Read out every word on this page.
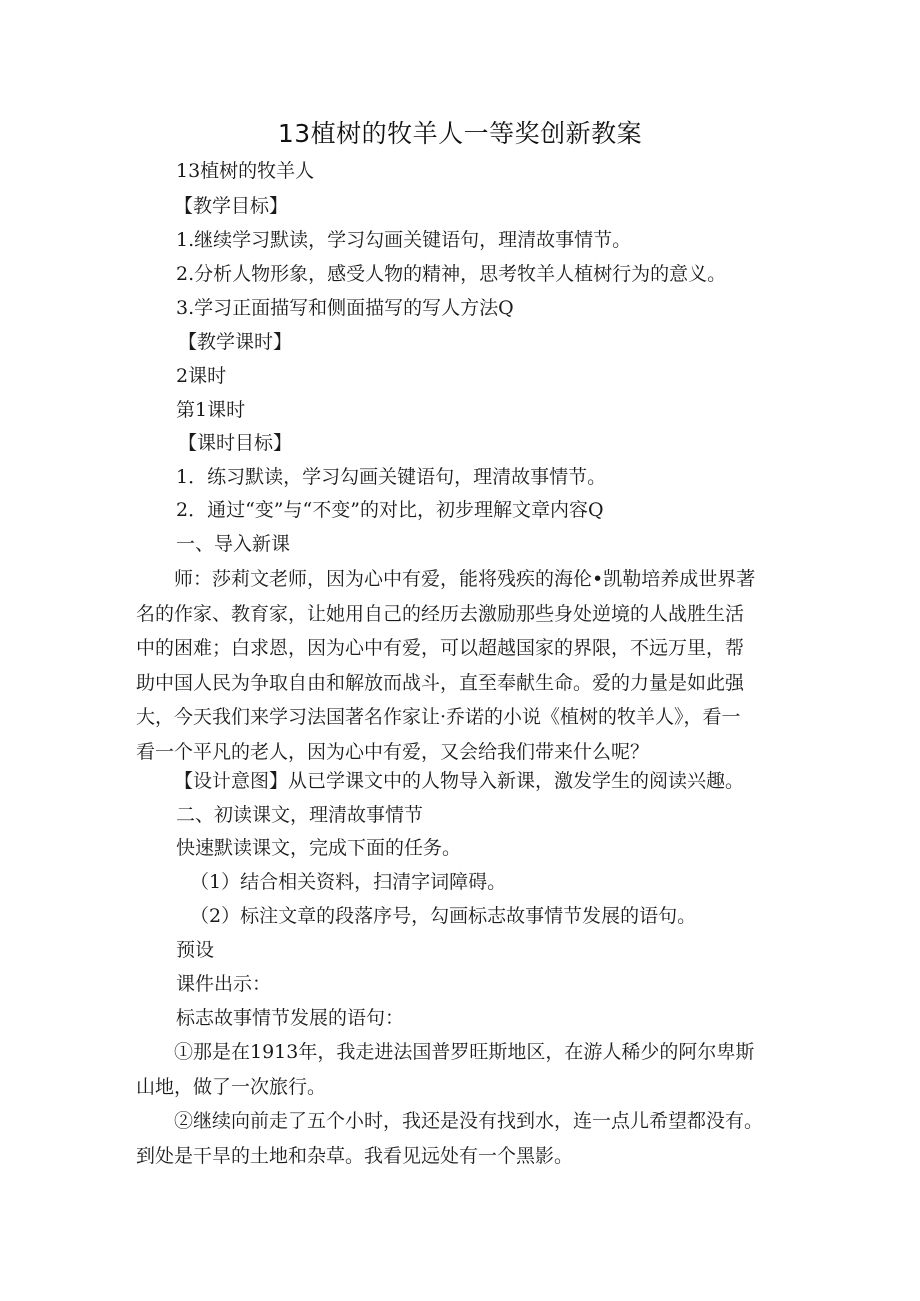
13植树的牧羊人一等奖创新教案
13植树的牧羊人
【教学目标】
1.继续学习默读，学习勾画关键语句，理清故事情节。
2.分析人物形象，感受人物的精神，思考牧羊人植树行为的意义。
3.学习正面描写和侧面描写的写人方法Q
【教学课时】
2课时
第1课时
【课时目标】
1．练习默读，学习勾画关键语句，理清故事情节。
2．通过“变”与“不变”的对比，初步理解文章内容Q
一、导入新课
师：莎莉文老师，因为心中有爱，能将残疾的海伦•凯勒培养成世界著
名的作家、教育家，让她用自己的经历去激励那些身处逆境的人战胜生活
中的困难；白求恩，因为心中有爱，可以超越国家的界限，不远万里，帮
助中国人民为争取自由和解放而战斗，直至奉献生命。爱的力量是如此强
大，今天我们来学习法国著名作家让·乔诺的小说《植树的牧羊人》，看一
看一个平凡的老人，因为心中有爱，又会给我们带来什么呢？
【设计意图】从已学课文中的人物导入新课，激发学生的阅读兴趣。
二、初读课文，理清故事情节
快速默读课文，完成下面的任务。
（1）结合相关资料，扫清字词障碍。
（2）标注文章的段落序号，勾画标志故事情节发展的语句。
预设
课件出示：
标志故事情节发展的语句：
①那是在1913年，我走进法国普罗旺斯地区，在游人稀少的阿尔卑斯
山地，做了一次旅行。
②继续向前走了五个小时，我还是没有找到水，连一点儿希望都没有。
到处是干旱的土地和杂草。我看见远处有一个黑影。
